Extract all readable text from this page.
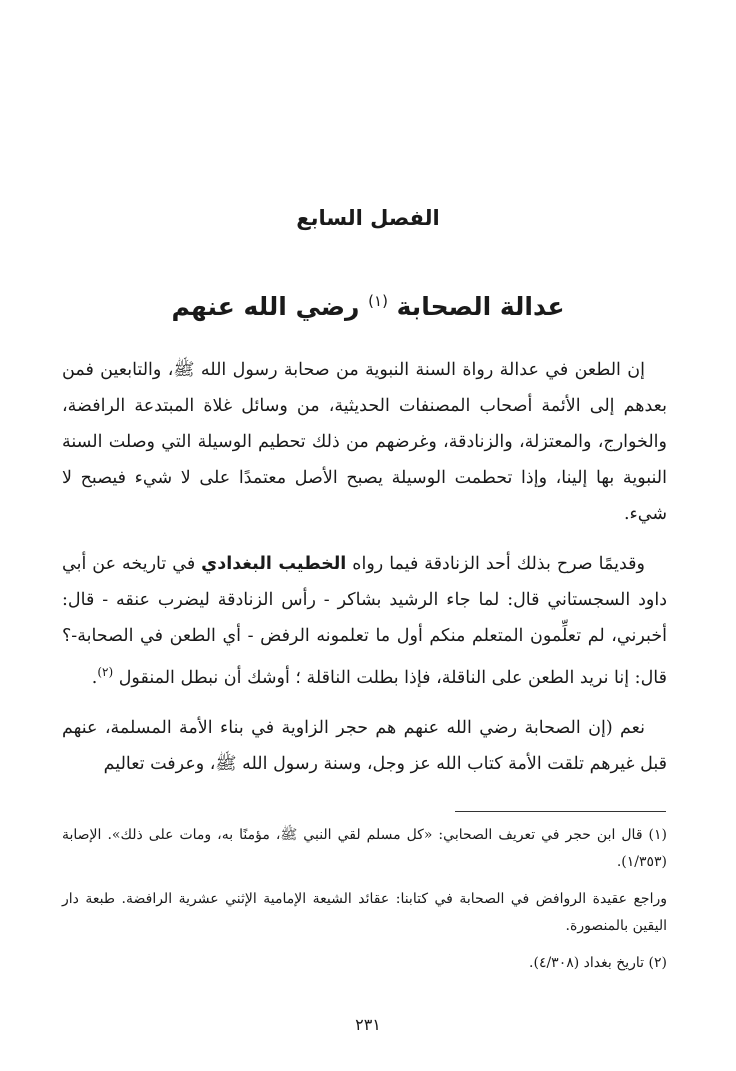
الفصل السابع
عدالة الصحابة $^{(١)}$ رضي الله عنهم

إن الطعن في عدالة رواة السنة النبوية من صحابة رسول الله ﷺ، والتابعين فمن بعدهم إلى الأئمة أصحاب المصنفات الحديثية، من وسائل غلاة المبتدعة الرافضة، والخوارج، والمعتزلة، والزنادقة، وغرضهم من ذلك تحطيم الوسيلة التي وصلت السنة النبوية بها إلينا، وإذا تحطمت الوسيلة يصبح الأصل معتمدًا على لا شيء فيصبح لا شيء.

وقديمًا صرح بذلك أحد الزنادقة فيما رواه الخطيب البغدادي في تاريخه عن أبي داود السجستاني قال: لما جاء الرشيد بشاكر - رأس الزنادقة ليضرب عنقه - قال: أخبرني، لم تعلِّمون المتعلم منكم أول ما تعلمونه الرفض - أي الطعن في الصحابة-؟ قال: إنا نريد الطعن على الناقلة، فإذا بطلت الناقلة ؛ أوشك أن نبطل المنقول $^{(٢)}$.

نعم (إن الصحابة رضي الله عنهم هم حجر الزاوية في بناء الأمة المسلمة، عنهم قبل غيرهم تلقت الأمة كتاب الله عز وجل، وسنة رسول الله ﷺ، وعرفت تعاليم

(١) قال ابن حجر في تعريف الصحابي: «كل مسلم لقي النبي ﷺ، مؤمنًا به، ومات على ذلك». الإصابة (١/٣٥٣).

وراجع عقيدة الروافض في الصحابة في كتابنا: عقائد الشيعة الإمامية الإثني عشرية الرافضة. طبعة دار اليقين بالمنصورة.

(٢) تاريخ بغداد (٤/٣٠٨).

٢٣١
